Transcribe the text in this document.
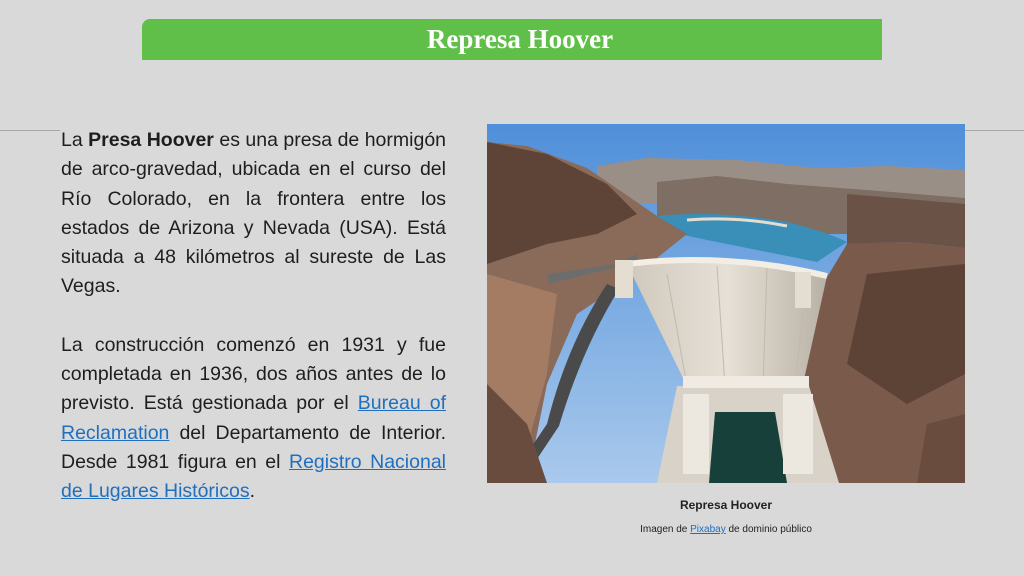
Represa Hoover

La Presa Hoover es una presa de hormigón de arco-gravedad, ubicada en el curso del Río Colorado, en la frontera entre los estados de Arizona y Nevada (USA). Está situada a 48 kilómetros al sureste de Las Vegas.

La construcción comenzó en 1931 y fue completada en 1936, dos años antes de lo previsto. Está gestionada por el Bureau of Reclamation del Departamento de Interior. Desde 1981 figura en el Registro Nacional de Lugares Históricos.

Represa Hoover
Imagen de Pixabay de dominio público
